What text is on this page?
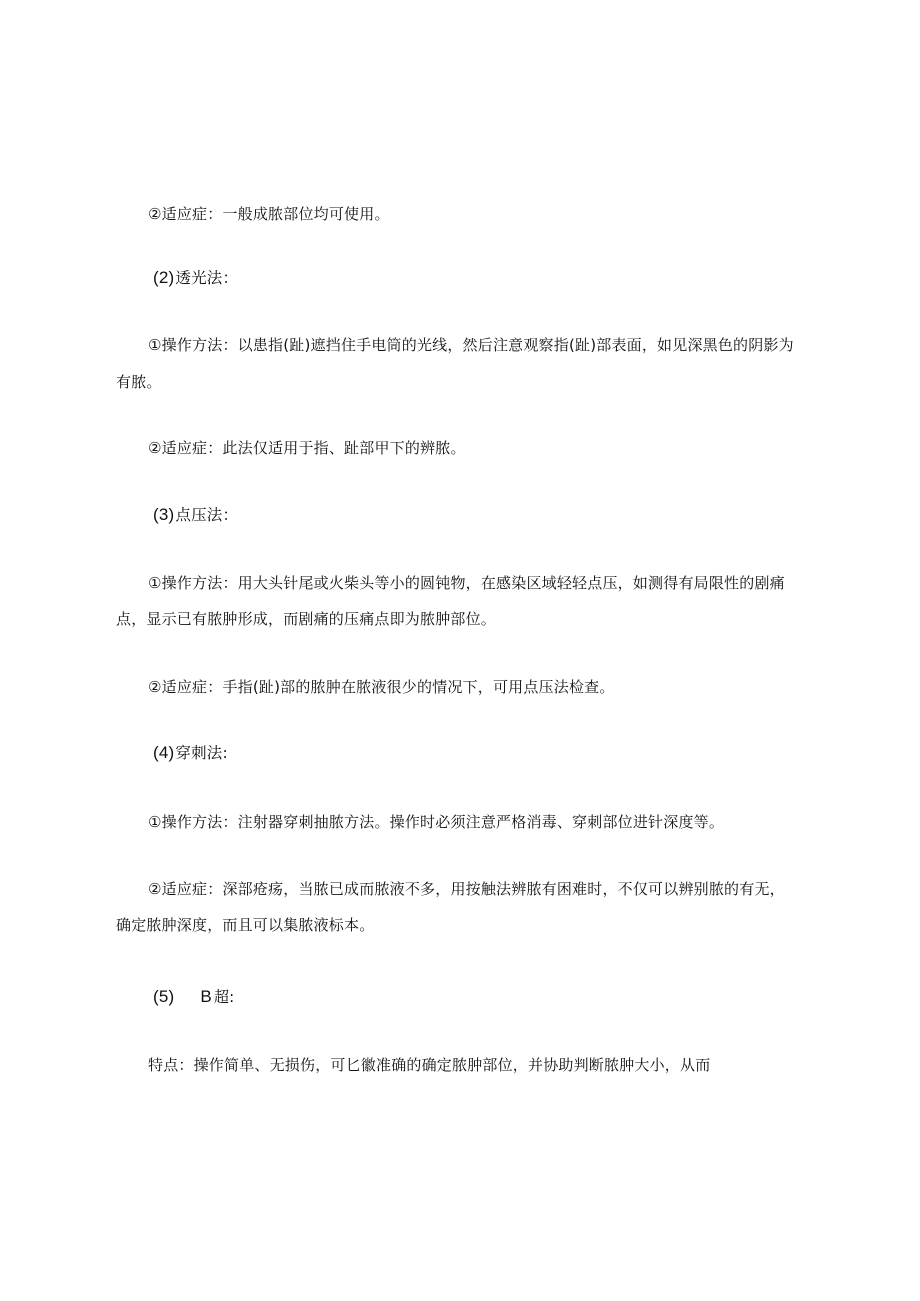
②适应症：一般成脓部位均可使用。
(2)透光法：
①操作方法：以患指(趾)遮挡住手电筒的光线，然后注意观察指(趾)部表面，如见深黑色的阴影为
有脓。
②适应症：此法仅适用于指、趾部甲下的辨脓。
(3)点压法：
①操作方法：用大头针尾或火柴头等小的圆钝物，在感染区域轻轻点压，如测得有局限性的剧痛
点，显示已有脓肿形成，而剧痛的压痛点即为脓肿部位。
②适应症：手指(趾)部的脓肿在脓液很少的情况下，可用点压法检查。
(4)穿刺法:
①操作方法：注射器穿刺抽脓方法。操作时必须注意严格消毒、穿刺部位进针深度等。
②适应症：深部疮疡，当脓已成而脓液不多，用按触法辨脓有困难时，不仅可以辨别脓的有无，
确定脓肿深度，而且可以集脓液标本。
(5) B 超:
特点：操作简单、无损伤，可匕徽准确的确定脓肿部位，并协助判断脓肿大小，从而
